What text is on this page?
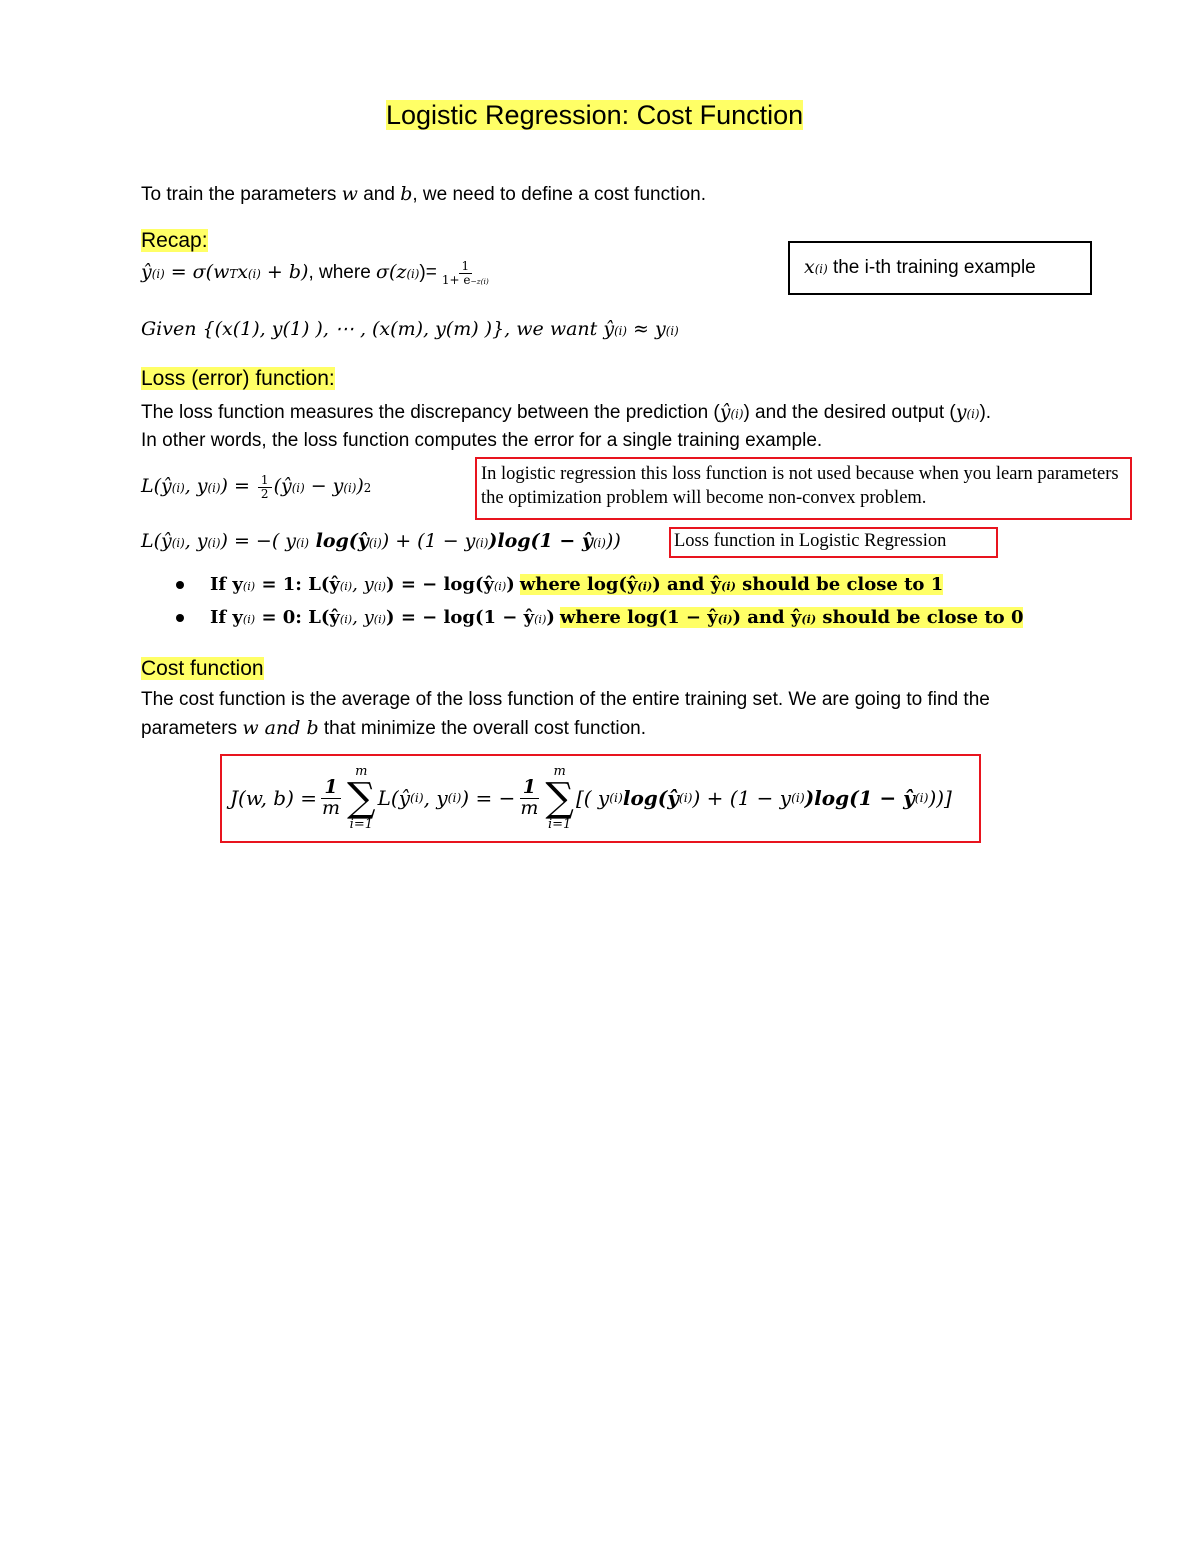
Logistic Regression: Cost Function
To train the parameters w and b, we need to define a cost function.
Recap:
$ŷ^{(i)} = \sigma(w^Tx^{(i)} + b)$, where $\sigma(z^{(i)})= \frac{1}{1+ e^{-z(i)}}$	$x^{(i)}$ the i-th training example
Given {(x(1), y(1) ), ⋯ , (x(m), y(m) )}, we want $ŷ^{(i)} \approx y^{(i)}$
Loss (error) function:
The loss function measures the discrepancy between the prediction $(ŷ^{(i)})$ and the desired output $(y^{(i)})$.
In other words, the loss function computes the error for a single training example.
$L(ŷ^{(i)}$, $y^{(i)}) = \frac{1}{2}$ $(ŷ^{(i)} - y^{(i)})^2$
In logistic regression this loss function is not used because when you learn parameters the optimization problem will become non-convex problem.
$L(ŷ^{(i)}$, $y^{(i)}$) = −( $y^{(i)}$ $\log(ŷ^{(i)}) + (1 - y^{(i)})\log(1$ − $ŷ^{(i)}$))	Loss function in Logistic Regression
If $y^{(i)} = 1$: $L(ŷ^{(i)}$, $y^{(i)}$) = − $\log(ŷ^{(i)})$ where $\log(ŷ^{(i)})$ and $ŷ^{(i)}$ should be close to 1
If $y^{(i)} = 0$: $L(ŷ^{(i)}$, $y^{(i)}$) = − $\log(1 - ŷ^{(i)})$ where $\log(1 - ŷ^{(i)})$ and $ŷ^{(i)}$ should be close to 0
Cost function
The cost function is the average of the loss function of the entire training set. We are going to find the
parameters w and b that minimize the overall cost function.
J(w, $b) = \frac{1}{m}$
m
∑
i=1
L(ŷ (i) , y (i) ) = − $\frac{1}{m}$
m
∑
i=1
[( y (i) log(ŷ (i) ) + (1 − y (i) )log(1 − ŷ (i) ))]
